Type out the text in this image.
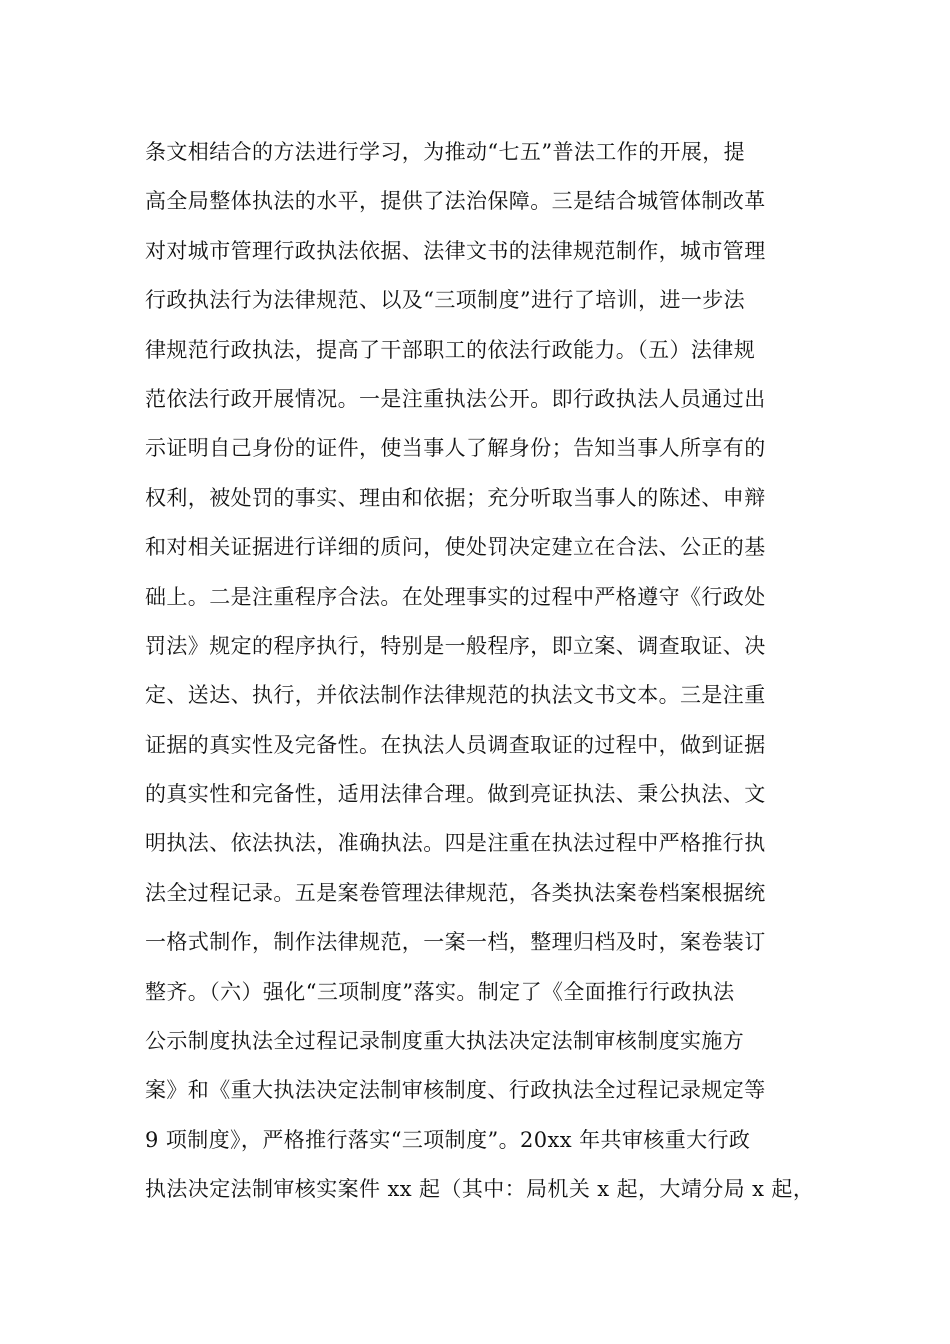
条文相结合的方法进行学习，为推动“七五”普法工作的开展，提
高全局整体执法的水平，提供了法治保障。三是结合城管体制改革
对对城市管理行政执法依据、法律文书的法律规范制作，城市管理
行政执法行为法律规范、以及“三项制度”进行了培训，进一步法
律规范行政执法，提高了干部职工的依法行政能力。（五）法律规
范依法行政开展情况。一是注重执法公开。即行政执法人员通过出
示证明自己身份的证件，使当事人了解身份；告知当事人所享有的
权利，被处罚的事实、理由和依据；充分听取当事人的陈述、申辩
和对相关证据进行详细的质问，使处罚决定建立在合法、公正的基
础上。二是注重程序合法。在处理事实的过程中严格遵守《行政处
罚法》规定的程序执行，特别是一般程序，即立案、调查取证、决
定、送达、执行，并依法制作法律规范的执法文书文本。三是注重
证据的真实性及完备性。在执法人员调查取证的过程中，做到证据
的真实性和完备性，适用法律合理。做到亮证执法、秉公执法、文
明执法、依法执法，准确执法。四是注重在执法过程中严格推行执
法全过程记录。五是案卷管理法律规范，各类执法案卷档案根据统
一格式制作，制作法律规范，一案一档，整理归档及时，案卷装订
整齐。（六）强化“三项制度”落实。制定了《全面推行行政执法
公示制度执法全过程记录制度重大执法决定法制审核制度实施方
案》和《重大执法决定法制审核制度、行政执法全过程记录规定等
9 项制度》，严格推行落实“三项制度”。20xx 年共审核重大行政
执法决定法制审核实案件 xx 起（其中：局机关 x 起，大靖分局 x 起，
